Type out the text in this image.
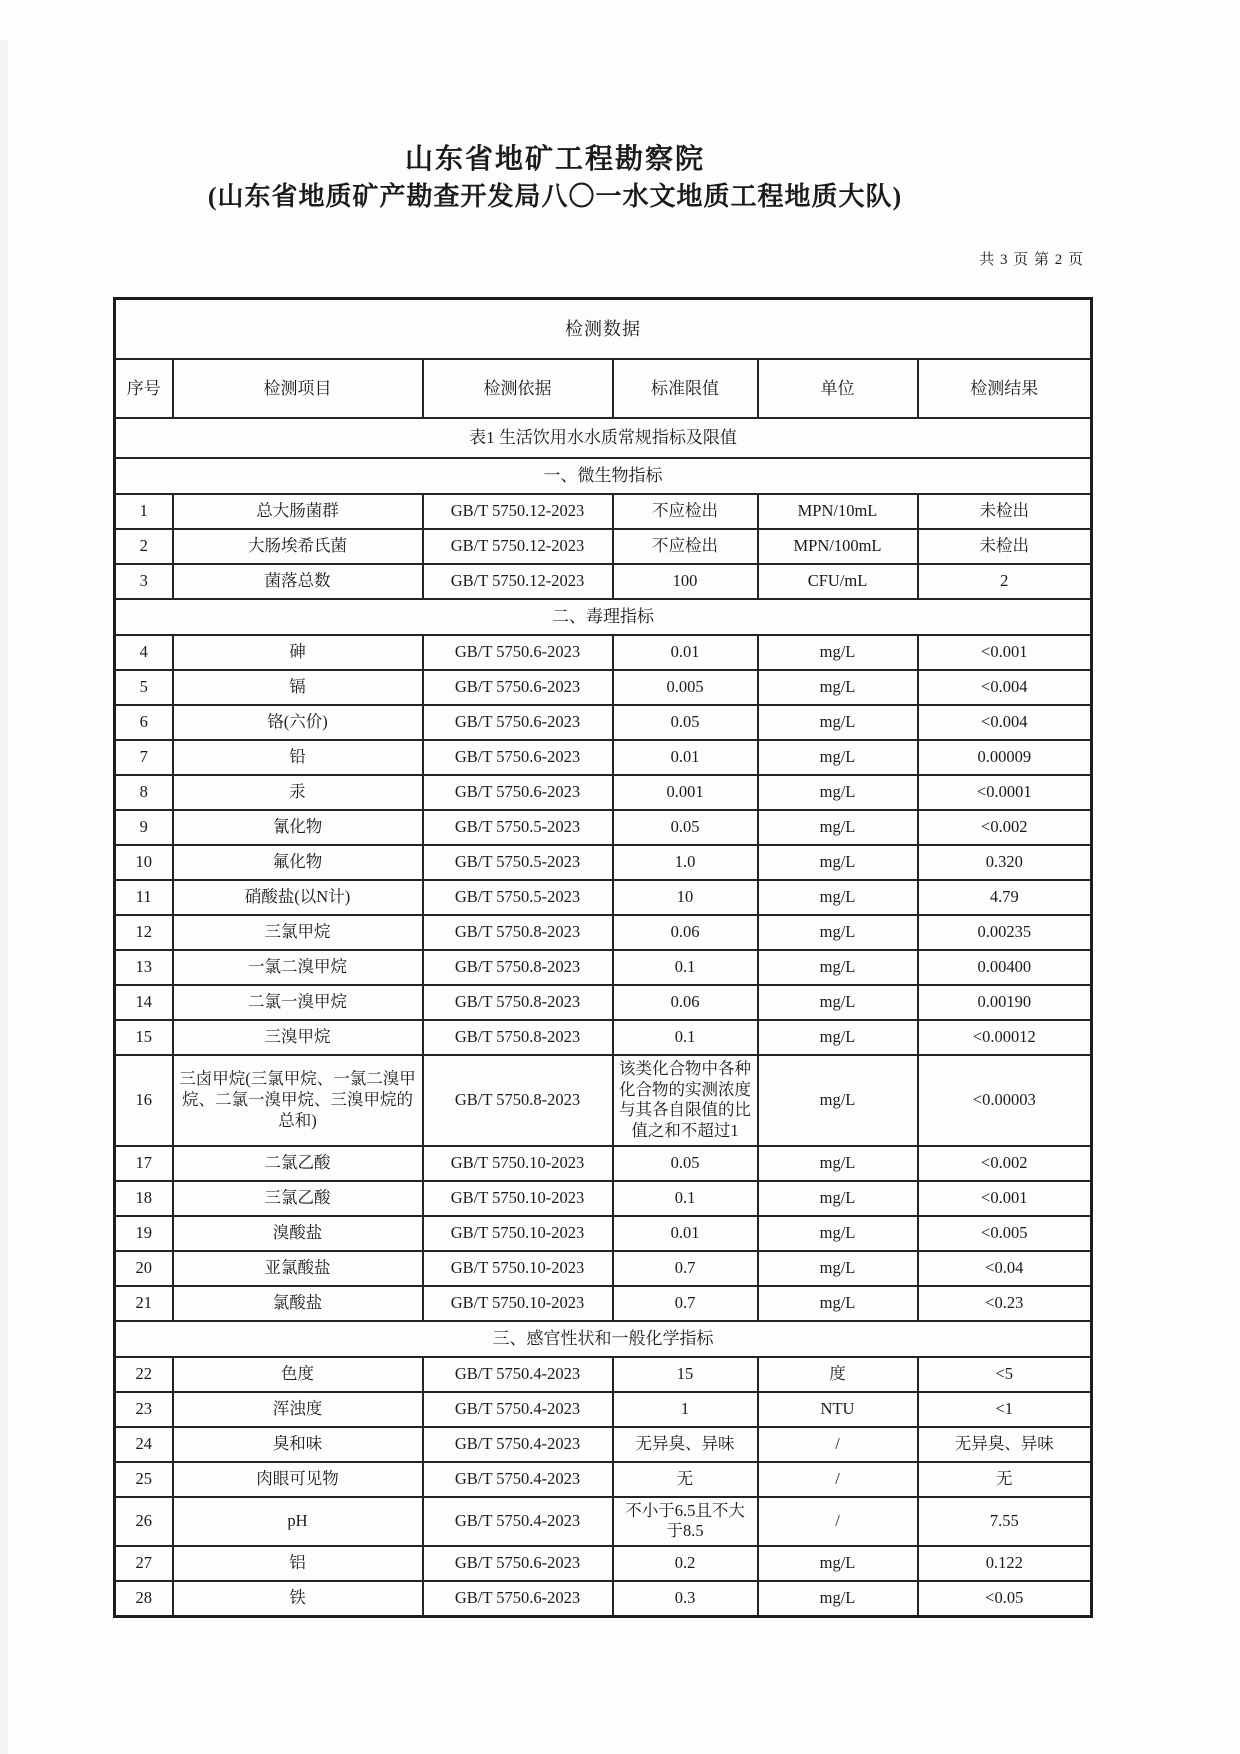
山东省地矿工程勘察院
(山东省地质矿产勘查开发局八〇一水文地质工程地质大队)
共 3 页 第 2 页
检测数据					
序号	检测项目	检测依据	标准限值	单位	检测结果
表1 生活饮用水水质常规指标及限值					
一、微生物指标					
1	总大肠菌群	GB/T 5750.12-2023	不应检出	MPN/10mL	未检出
2	大肠埃希氏菌	GB/T 5750.12-2023	不应检出	MPN/100mL	未检出
3	菌落总数	GB/T 5750.12-2023	100	CFU/mL	2
二、毒理指标					
4	砷	GB/T 5750.6-2023	0.01	mg/L	<0.001
5	镉	GB/T 5750.6-2023	0.005	mg/L	<0.004
6	铬(六价)	GB/T 5750.6-2023	0.05	mg/L	<0.004
7	铅	GB/T 5750.6-2023	0.01	mg/L	0.00009
8	汞	GB/T 5750.6-2023	0.001	mg/L	<0.0001
9	氰化物	GB/T 5750.5-2023	0.05	mg/L	<0.002
10	氟化物	GB/T 5750.5-2023	1.0	mg/L	0.320
11	硝酸盐(以N计)	GB/T 5750.5-2023	10	mg/L	4.79
12	三氯甲烷	GB/T 5750.8-2023	0.06	mg/L	0.00235
13	一氯二溴甲烷	GB/T 5750.8-2023	0.1	mg/L	0.00400
14	二氯一溴甲烷	GB/T 5750.8-2023	0.06	mg/L	0.00190
15	三溴甲烷	GB/T 5750.8-2023	0.1	mg/L	<0.00012
16	三卤甲烷(三氯甲烷、一氯二溴甲烷、二氯一溴甲烷、三溴甲烷的总和)	GB/T 5750.8-2023	该类化合物中各种化合物的实测浓度与其各自限值的比值之和不超过1	mg/L	<0.00003
17	二氯乙酸	GB/T 5750.10-2023	0.05	mg/L	<0.002
18	三氯乙酸	GB/T 5750.10-2023	0.1	mg/L	<0.001
19	溴酸盐	GB/T 5750.10-2023	0.01	mg/L	<0.005
20	亚氯酸盐	GB/T 5750.10-2023	0.7	mg/L	<0.04
21	氯酸盐	GB/T 5750.10-2023	0.7	mg/L	<0.23
三、感官性状和一般化学指标					
22	色度	GB/T 5750.4-2023	15	度	<5
23	浑浊度	GB/T 5750.4-2023	1	NTU	<1
24	臭和味	GB/T 5750.4-2023	无异臭、异味	/	无异臭、异味
25	肉眼可见物	GB/T 5750.4-2023	无	/	无
26	pH	GB/T 5750.4-2023	不小于6.5且不大于8.5	/	7.55
27	铝	GB/T 5750.6-2023	0.2	mg/L	0.122
28	铁	GB/T 5750.6-2023	0.3	mg/L	<0.05
